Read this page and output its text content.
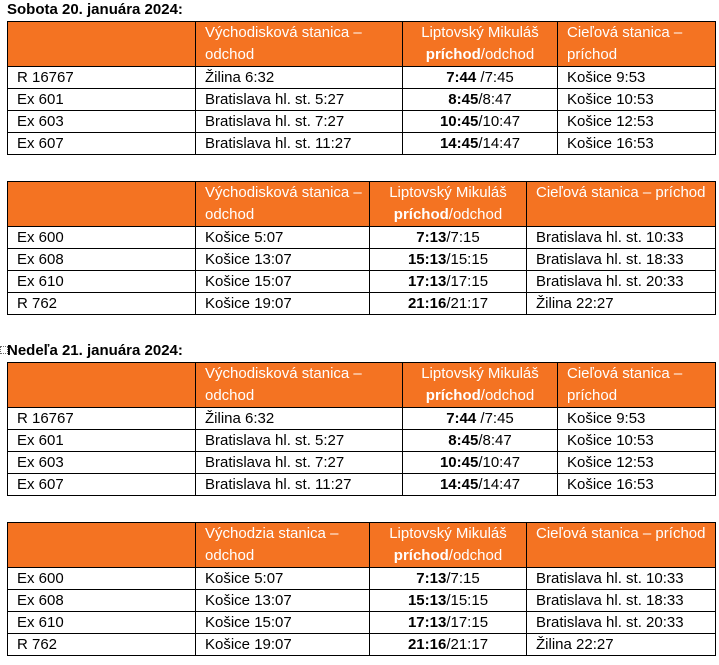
Sobota 20. januára 2024:
	Východisková stanica – odchod	Liptovský Mikuláš príchod/odchod	Cieľová stanica – príchod
R 16767	Žilina 6:32	7:44 /7:45	Košice 9:53
Ex 601	Bratislava hl. st. 5:27	8:45/8:47	Košice 10:53
Ex 603	Bratislava hl. st. 7:27	10:45/10:47	Košice 12:53
Ex 607	Bratislava hl. st. 11:27	14:45/14:47	Košice 16:53
	Východisková stanica – odchod	Liptovský Mikuláš príchod/odchod	Cieľová stanica – príchod
Ex 600	Košice 5:07	7:13/7:15	Bratislava hl. st. 10:33
Ex 608	Košice 13:07	15:13/15:15	Bratislava hl. st. 18:33
Ex 610	Košice 15:07	17:13/17:15	Bratislava hl. st. 20:33
R 762	Košice 19:07	21:16/21:17	Žilina 22:27
Nedeľa 21. januára 2024:
	Východisková stanica – odchod	Liptovský Mikuláš príchod/odchod	Cieľová stanica – príchod
R 16767	Žilina 6:32	7:44 /7:45	Košice 9:53
Ex 601	Bratislava hl. st. 5:27	8:45/8:47	Košice 10:53
Ex 603	Bratislava hl. st. 7:27	10:45/10:47	Košice 12:53
Ex 607	Bratislava hl. st. 11:27	14:45/14:47	Košice 16:53
	Východzia stanica – odchod	Liptovský Mikuláš príchod/odchod	Cieľová stanica – príchod
Ex 600	Košice 5:07	7:13/7:15	Bratislava hl. st. 10:33
Ex 608	Košice 13:07	15:13/15:15	Bratislava hl. st. 18:33
Ex 610	Košice 15:07	17:13/17:15	Bratislava hl. st. 20:33
R 762	Košice 19:07	21:16/21:17	Žilina 22:27
